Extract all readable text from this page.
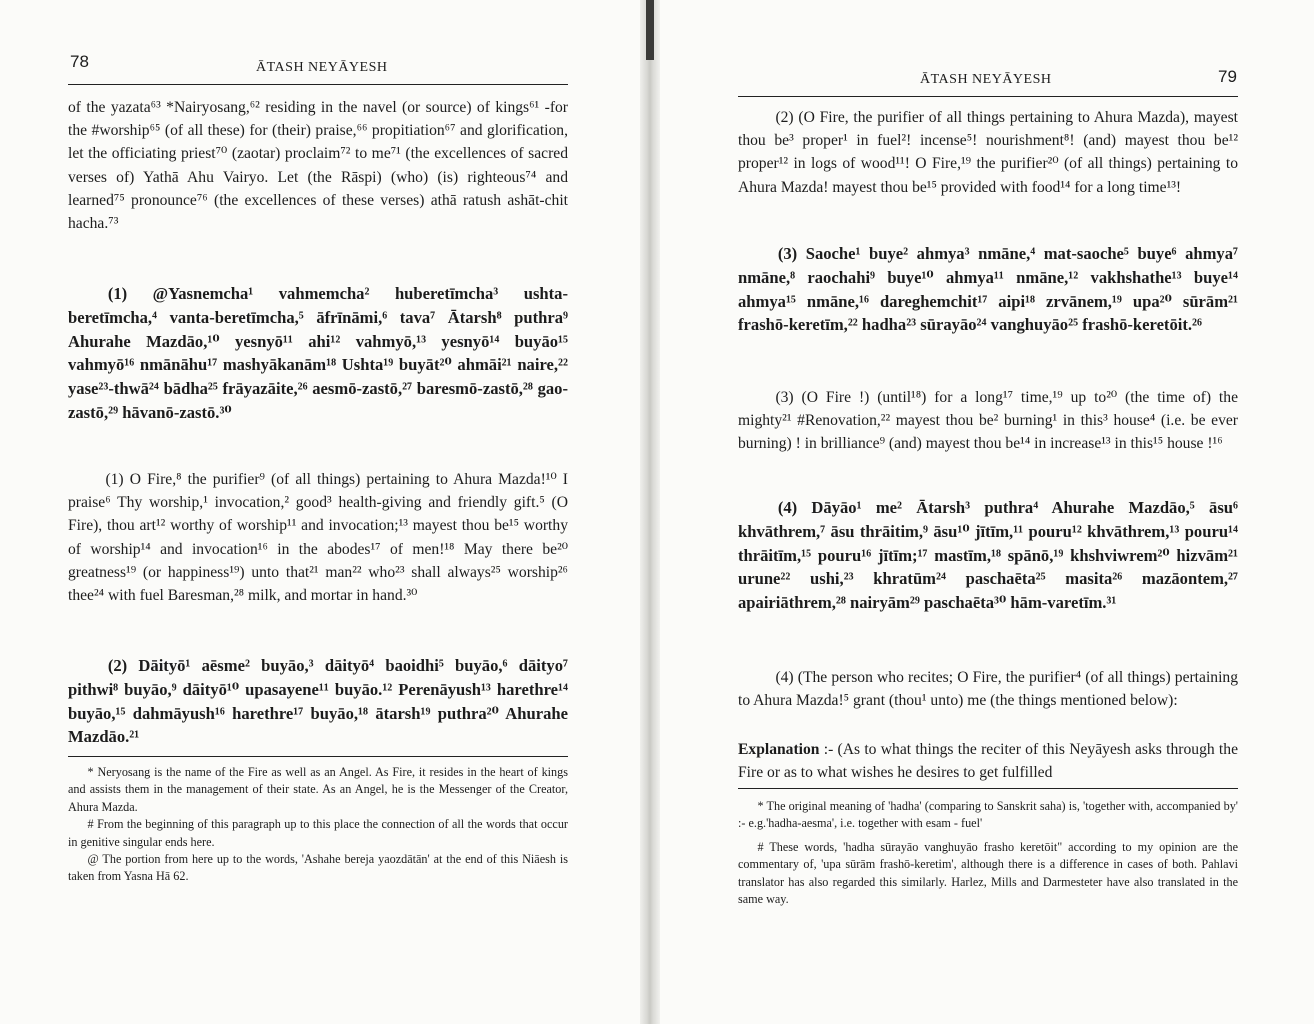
78	ĀTASH NEYĀYESH

of the yazata⁶³ *Nairyosang,⁶² residing in the navel (or source) of kings⁶¹ -for the #worship⁶⁵ (of all these) for (their) praise,⁶⁶ propitiation⁶⁷ and glorification, let the officiating priest⁷⁰ (zaotar) proclaim⁷² to me⁷¹ (the excellences of sacred verses of) Yathā Ahu Vairyo. Let (the Rāspi) (who) (is) righteous⁷⁴ and learned⁷⁵ pronounce⁷⁶ (the excellences of these verses) athā ratush ashāt-chit hacha.⁷³

(1) @Yasnemcha¹ vahmemcha² huberetīmcha³ ushta-beretīmcha,⁴ vanta-beretīmcha,⁵ āfrīnāmi,⁶ tava⁷ Ātarsh⁸ puthra⁹ Ahurahe Mazdāo,¹⁰ yesnyō¹¹ ahi¹² vahmyō,¹³ yesnyō¹⁴ buyāo¹⁵ vahmyō¹⁶ nmānāhu¹⁷ mashyākanām¹⁸ Ushta¹⁹ buyāt²⁰ ahmāi²¹ naire,²² yase²³-thwā²⁴ bādha²⁵ frāyazāite,²⁶ aesmō-zastō,²⁷ baresmō-zastō,²⁸ gao-zastō,²⁹ hāvanō-zastō.³⁰

(1) O Fire,⁸ the purifier⁹ (of all things) pertaining to Ahura Mazda!¹⁰ I praise⁶ Thy worship,¹ invocation,² good³ health-giving and friendly gift.⁵ (O Fire), thou art¹² worthy of worship¹¹ and invocation;¹³ mayest thou be¹⁵ worthy of worship¹⁴ and invocation¹⁶ in the abodes¹⁷ of men!¹⁸ May there be²⁰ greatness¹⁹ (or happiness¹⁹) unto that²¹ man²² who²³ shall always²⁵ worship²⁶ thee²⁴ with fuel Baresman,²⁸ milk, and mortar in hand.³⁰

(2) Dāityō¹ aēsme² buyāo,³ dāityō⁴ baoidhi⁵ buyāo,⁶ dāityo⁷ pithwi⁸ buyāo,⁹ dāityō¹⁰ upasayene¹¹ buyāo.¹² Perenāyush¹³ harethre¹⁴ buyāo,¹⁵ dahmāyush¹⁶ harethre¹⁷ buyāo,¹⁸ ātarsh¹⁹ puthra²⁰ Ahurahe Mazdāo.²¹

* Neryosang is the name of the Fire as well as an Angel. As Fire, it resides in the heart of kings and assists them in the management of their state. As an Angel, he is the Messenger of the Creator, Ahura Mazda.

# From the beginning of this paragraph up to this place the connection of all the words that occur in genitive singular ends here.

@ The portion from here up to the words, 'Ashahe bereja yaozdātān' at the end of this Niāesh is taken from Yasna Hā 62.

79
ĀTASH NEYĀYESH

(2) (O Fire, the purifier of all things pertaining to Ahura Mazda), mayest thou be³ proper¹ in fuel²! incense⁵! nourishment⁸! (and) mayest thou be¹² proper¹² in logs of wood¹¹! O Fire,¹⁹ the purifier²⁰ (of all things) pertaining to Ahura Mazda! mayest thou be¹⁵ provided with food¹⁴ for a long time¹³!

(3) Saoche¹ buye² ahmya³ nmāne,⁴ mat-saoche⁵ buye⁶ ahmya⁷ nmāne,⁸ raochahi⁹ buye¹⁰ ahmya¹¹ nmāne,¹² vakhshathe¹³ buye¹⁴ ahmya¹⁵ nmāne,¹⁶ dareghemchit¹⁷ aipi¹⁸ zrvānem,¹⁹ upa²⁰ sūrām²¹ frashō-keretīm,²² hadha²³ sūrayāo²⁴ vanghuyāo²⁵ frashō-keretōit.²⁶

(3) (O Fire !) (until¹⁸) for a long¹⁷ time,¹⁹ up to²⁰ (the time of) the mighty²¹ #Renovation,²² mayest thou be² burning¹ in this³ house⁴ (i.e. be ever burning) ! in brilliance⁹ (and) mayest thou be¹⁴ in increase¹³ in this¹⁵ house !¹⁶

(4) Dāyāo¹ me² Ātarsh³ puthra⁴ Ahurahe Mazdāo,⁵ āsu⁶ khvāthrem,⁷ āsu thrāitim,⁹ āsu¹⁰ jītīm,¹¹ pouru¹² khvāthrem,¹³ pouru¹⁴ thrāitīm,¹⁵ pouru¹⁶ jītīm;¹⁷ mastīm,¹⁸ spānō,¹⁹ khshviwrem²⁰ hizvām²¹ urune²² ushi,²³ khratūm²⁴ paschaēta²⁵ masita²⁶ mazāontem,²⁷ apairiāthrem,²⁸ nairyām²⁹ paschaēta³⁰ hām-varetīm.³¹

(4) (The person who recites; O Fire, the purifier⁴ (of all things) pertaining to Ahura Mazda!⁵ grant (thou¹ unto) me (the things mentioned below):

Explanation :- (As to what things the reciter of this Neyāyesh asks through the Fire or as to what wishes he desires to get fulfilled

* The original meaning of 'hadha' (comparing to Sanskrit saha) is, 'together with, accompanied by' :- e.g.'hadha-aesma', i.e. together with esam - fuel'

# These words, 'hadha sūrayāo vanghuyāo frasho keretōit" according to my opinion are the commentary of, 'upa sūrām frashō-keretim', although there is a difference in cases of both. Pahlavi translator has also regarded this similarly. Harlez, Mills and Darmesteter have also translated in the same way.
